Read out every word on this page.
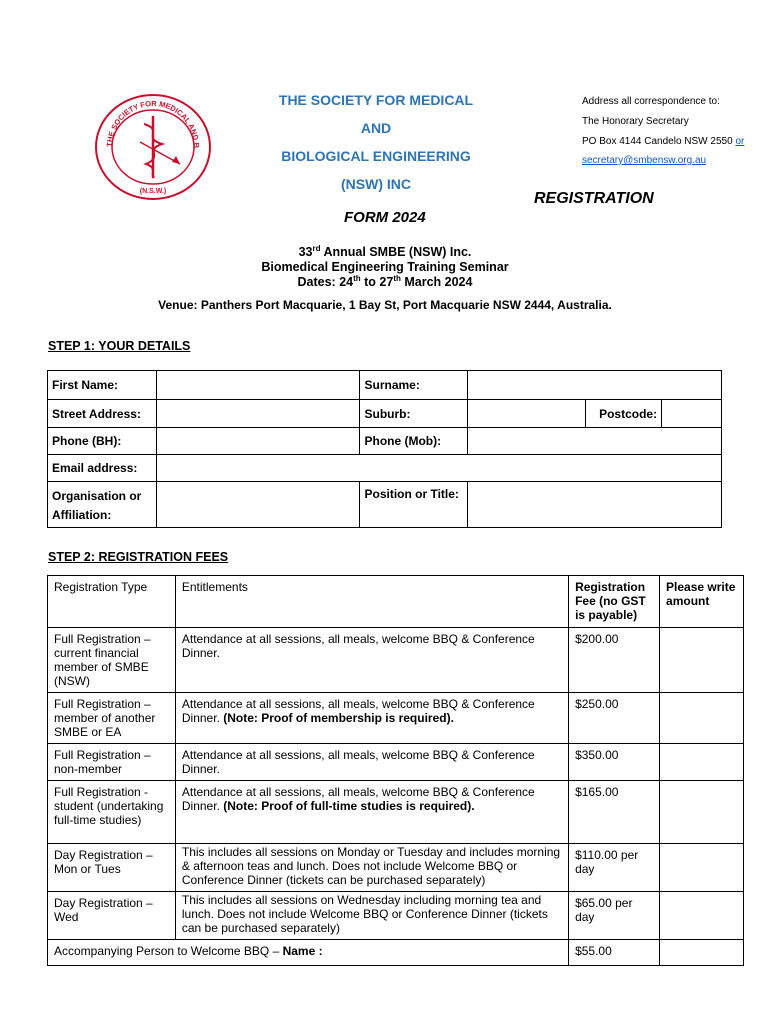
THE SOCIETY FOR MEDICAL AND B
(N.S.W.)
THE SOCIETY FOR MEDICAL
AND
BIOLOGICAL ENGINEERING
(NSW) INC
Address all correspondence to:
The Honorary Secretary
PO Box 4144 Candelo NSW 2550 or
secretary@smbensw.org.au
REGISTRATION
FORM 2024
33rd Annual SMBE (NSW) Inc.
Biomedical Engineering Training Seminar
Dates: 24th to 27th March 2024
Venue: Panthers Port Macquarie, 1 Bay St, Port Macquarie NSW 2444, Australia.
STEP 1: YOUR DETAILS
First Name:		Surname:			
Street Address:		Suburb:		Postcode:	
Phone (BH):		Phone (Mob):			
Email address:					

Organisation or
Affiliation:		Position or Title:			
STEP 2: REGISTRATION FEES
Registration Type	Entitlements	Registration Fee (no GST is payable)	Please write amount
Full Registration – current financial member of SMBE (NSW)	Attendance at all sessions, all meals, welcome BBQ & Conference Dinner.	$200.00	
Full Registration – member of another SMBE or EA	Attendance at all sessions, all meals, welcome BBQ & Conference Dinner. (Note: Proof of membership is required).	$250.00	
Full Registration – non-member	Attendance at all sessions, all meals, welcome BBQ & Conference Dinner.	$350.00	
Full Registration - student (undertaking full-time studies)	Attendance at all sessions, all meals, welcome BBQ & Conference Dinner. (Note: Proof of full-time studies is required).	$165.00	
Day Registration – Mon or Tues	This includes all sessions on Monday or Tuesday and includes morning & afternoon teas and lunch. Does not include Welcome BBQ or Conference Dinner (tickets can be purchased separately)	$110.00 per day	
Day Registration – Wed	This includes all sessions on Wednesday including morning tea and lunch. Does not include Welcome BBQ or Conference Dinner (tickets can be purchased separately)	$65.00 per day	
Accompanying Person to Welcome BBQ – Name :		$55.00	
